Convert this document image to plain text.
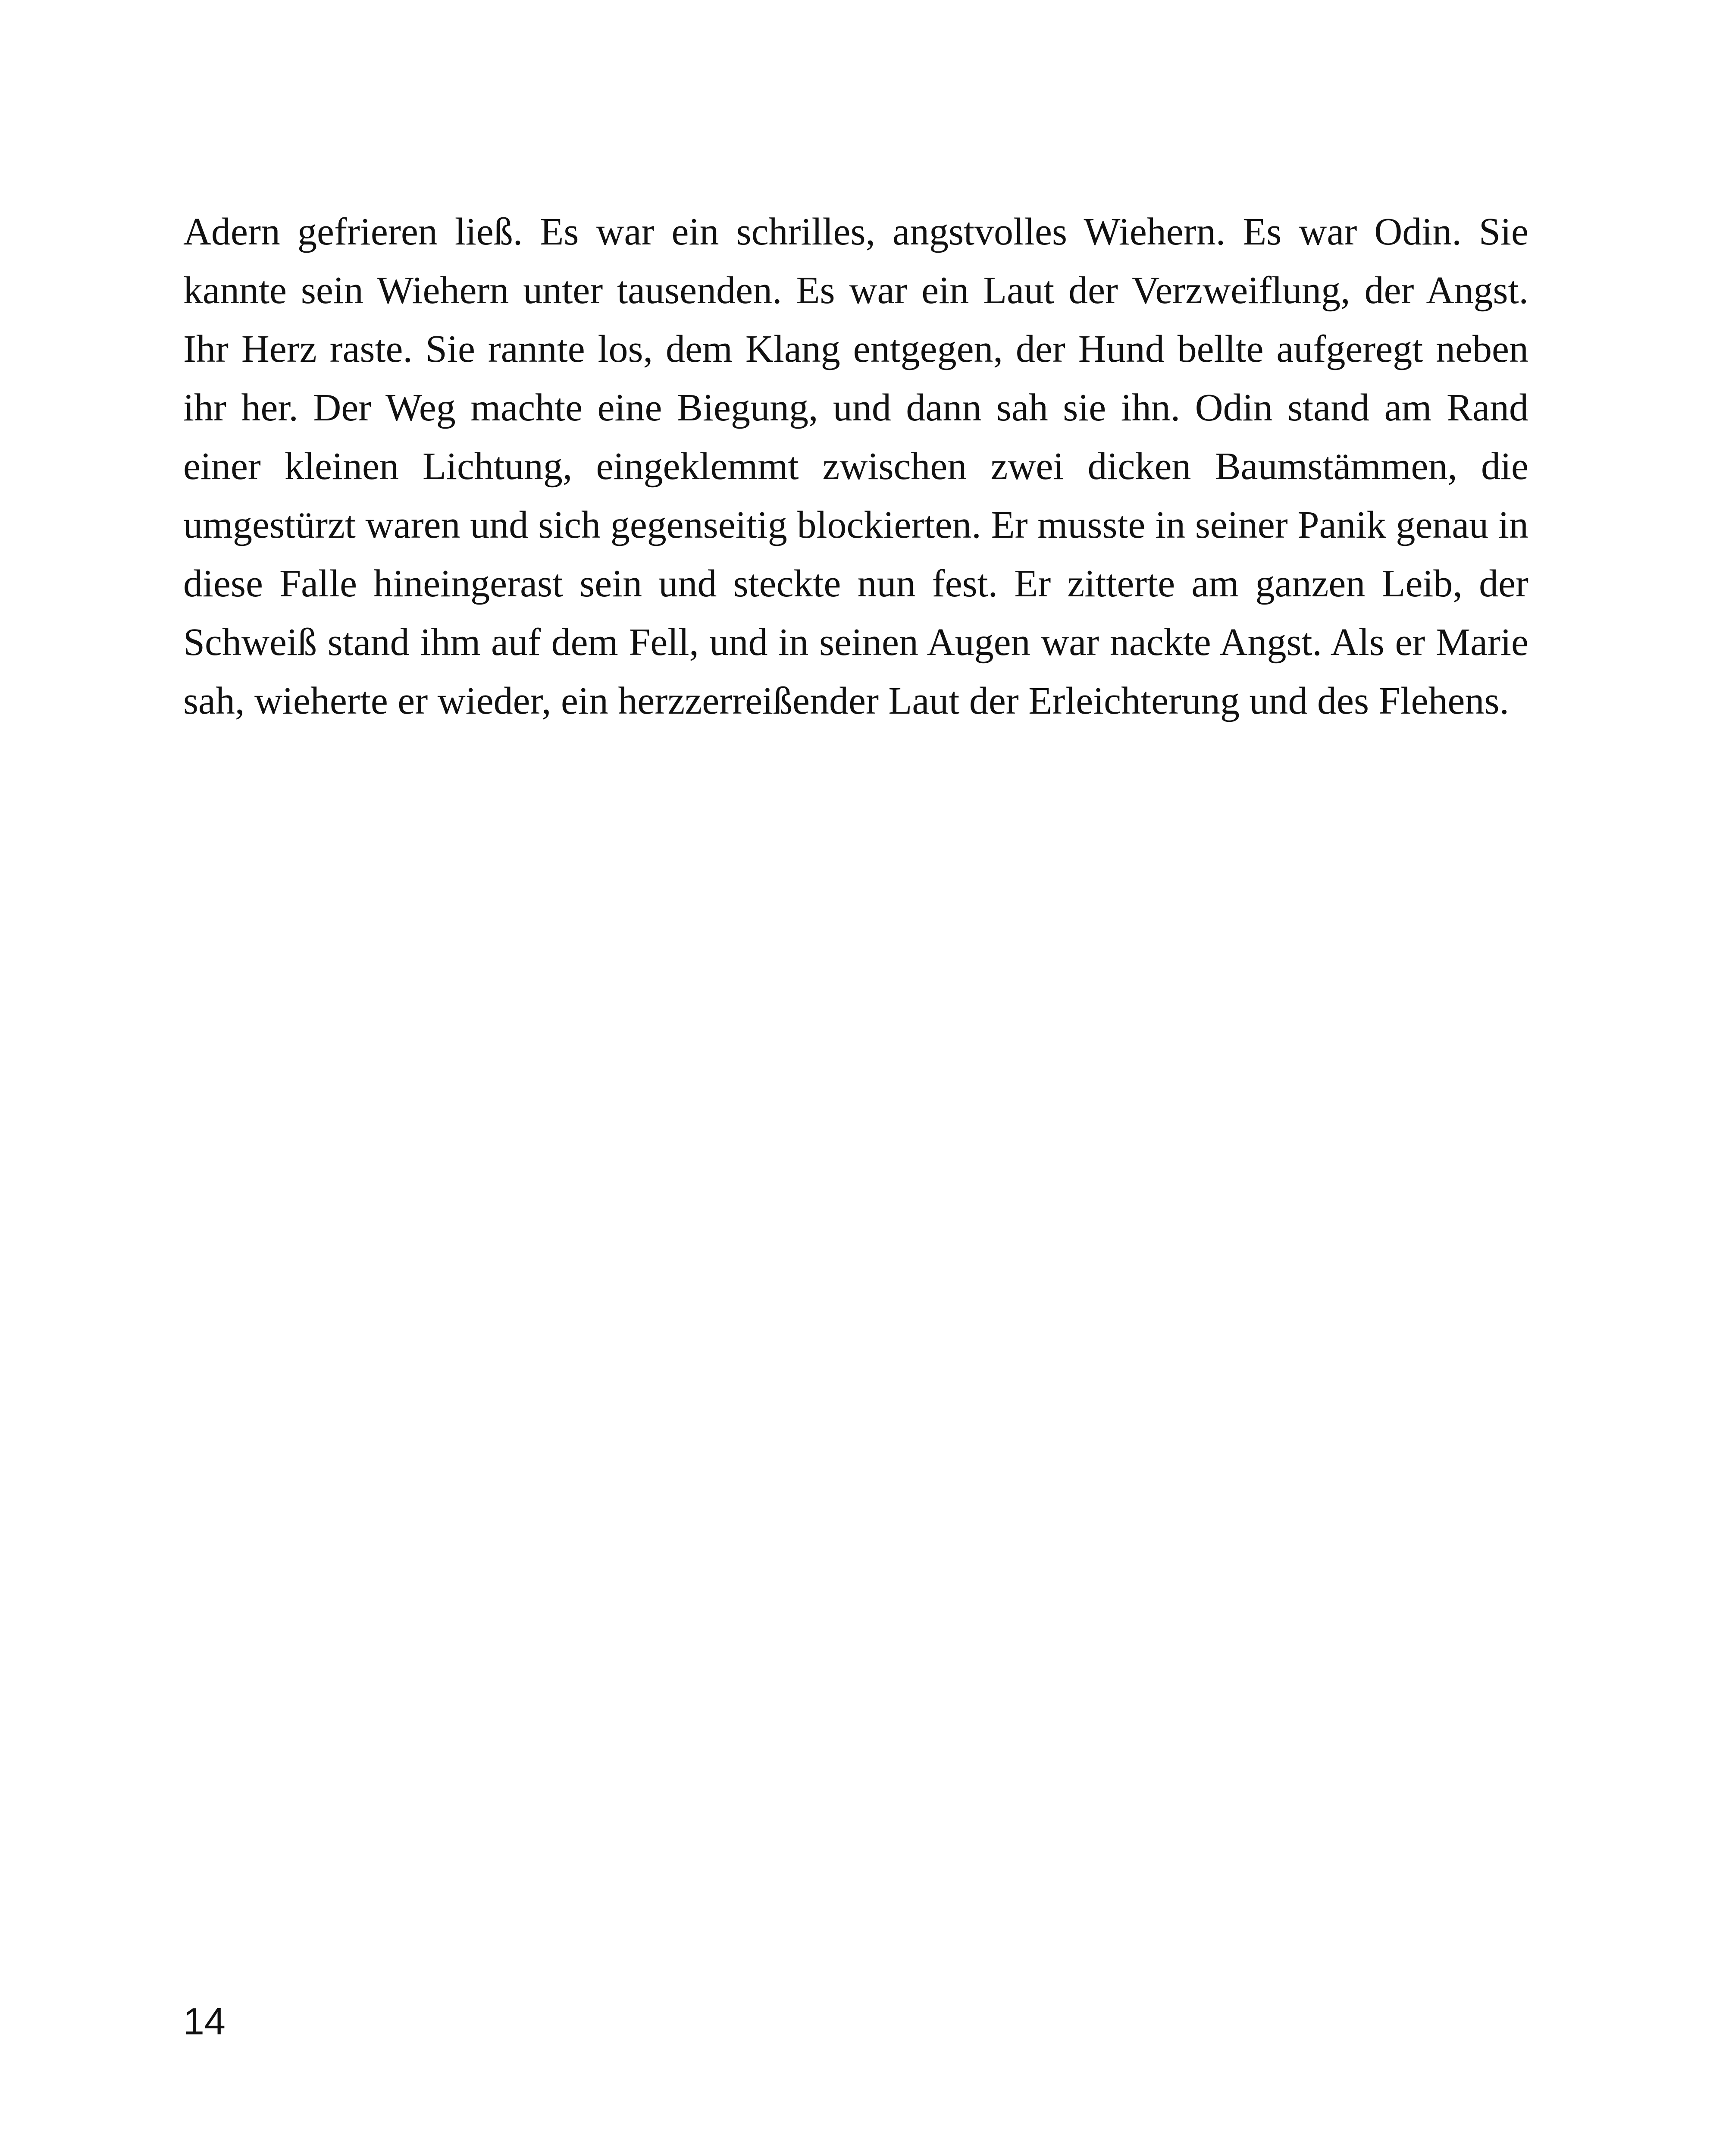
Adern gefrieren ließ. Es war ein schrilles, angstvolles Wiehern. Es war Odin. Sie kannte sein Wiehern unter tausenden. Es war ein Laut der Verzweiflung, der Angst. Ihr Herz raste. Sie rannte los, dem Klang entgegen, der Hund bellte aufgeregt neben ihr her. Der Weg machte eine Biegung, und dann sah sie ihn. Odin stand am Rand einer kleinen Lichtung, eingeklemmt zwischen zwei dicken Baumstämmen, die umgestürzt waren und sich gegenseitig blockierten. Er musste in seiner Panik genau in diese Falle hineingerast sein und steckte nun fest. Er zitterte am ganzen Leib, der Schweiß stand ihm auf dem Fell, und in seinen Augen war nackte Angst. Als er Marie sah, wieherte er wieder, ein herzzerreißender Laut der Erleichterung und des Flehens.

14
